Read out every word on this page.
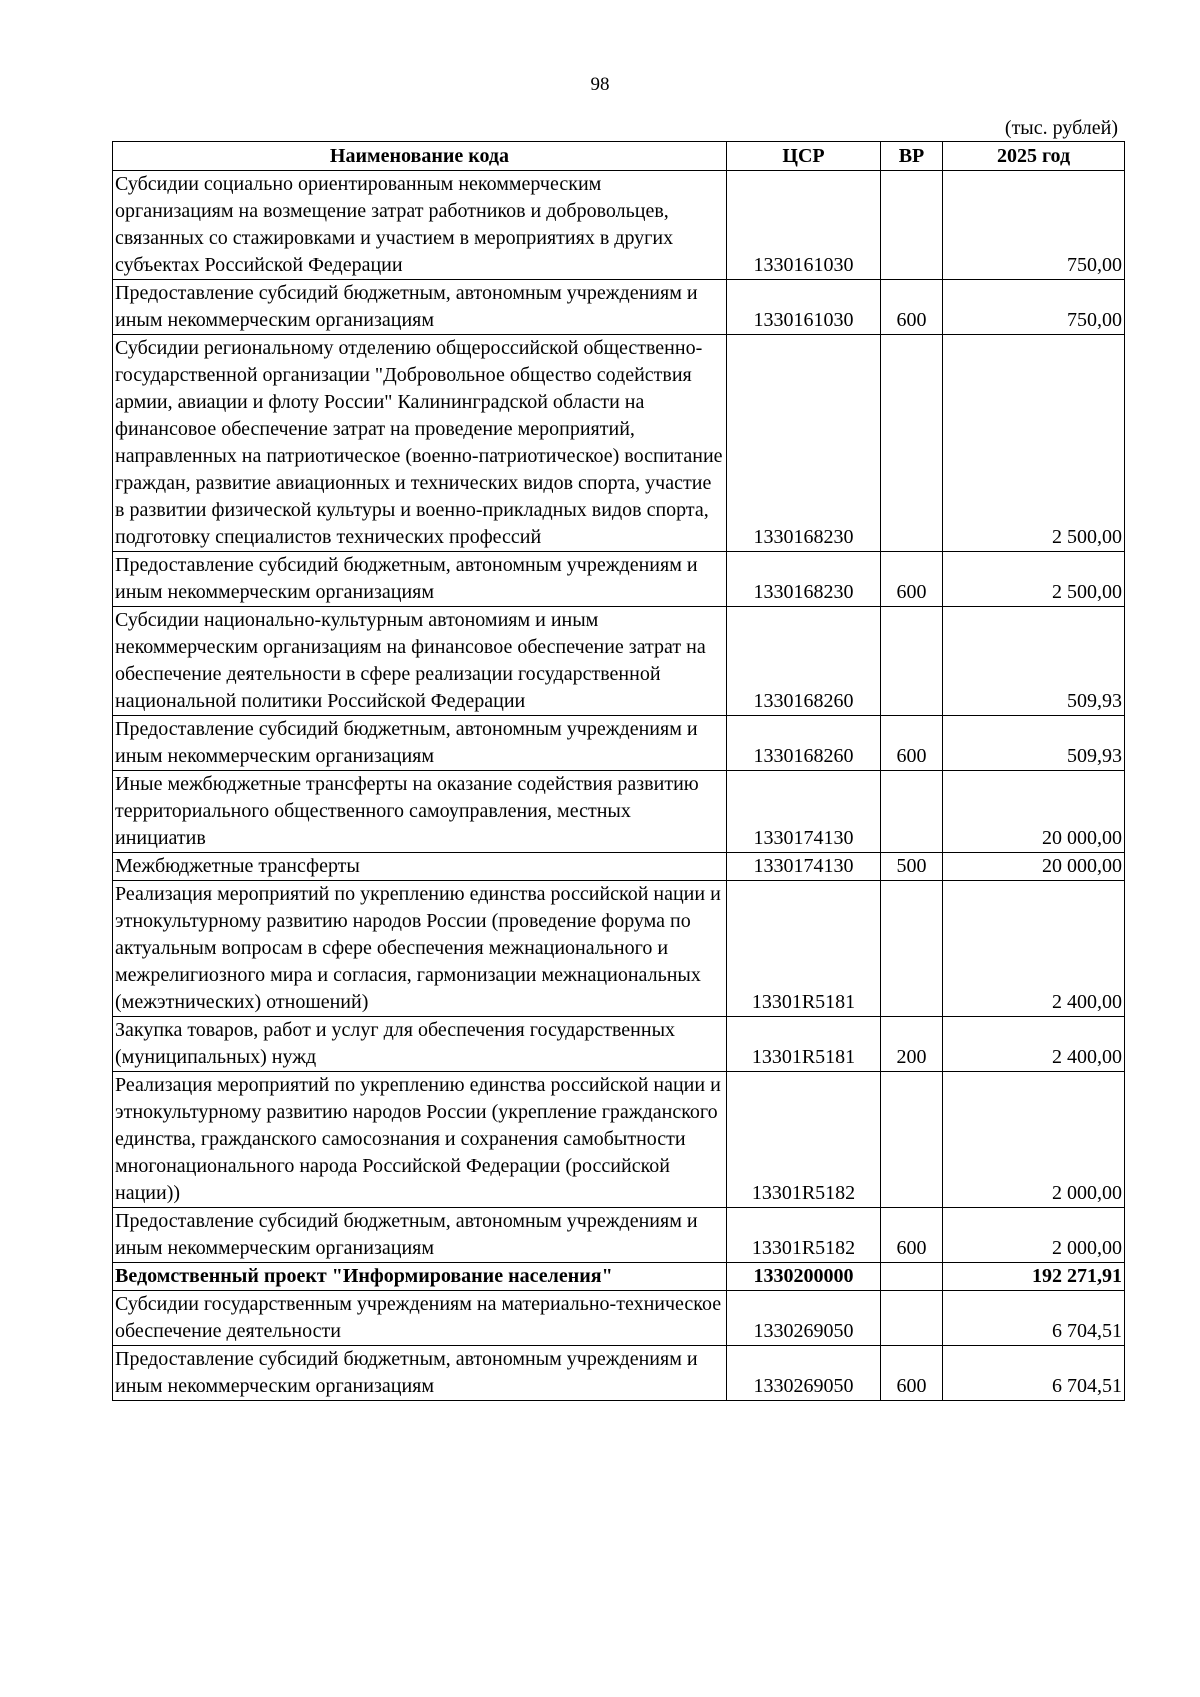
98
(тыс. рублей)
Наименование кода	ЦСР	ВР	2025 год
Субсидии социально ориентированным некоммерческим организациям на возмещение затрат работников и добровольцев, связанных со стажировками и участием в мероприятиях в других субъектах Российской Федерации	1330161030		750,00
Предоставление субсидий бюджетным, автономным учреждениям и иным некоммерческим организациям	1330161030	600	750,00
Субсидии региональному отделению общероссийской общественно-государственной организации "Добровольное общество содействия армии, авиации и флоту России" Калининградской области на финансовое обеспечение затрат на проведение мероприятий, направленных на патриотическое (военно-патриотическое) воспитание граждан, развитие авиационных и технических видов спорта, участие в развитии физической культуры и военно-прикладных видов спорта, подготовку специалистов технических профессий	1330168230		2 500,00
Предоставление субсидий бюджетным, автономным учреждениям и иным некоммерческим организациям	1330168230	600	2 500,00
Субсидии национально-культурным автономиям и иным некоммерческим организациям на финансовое обеспечение затрат на обеспечение деятельности в сфере реализации государственной национальной политики Российской Федерации	1330168260		509,93
Предоставление субсидий бюджетным, автономным учреждениям и иным некоммерческим организациям	1330168260	600	509,93
Иные межбюджетные трансферты на оказание содействия развитию территориального общественного самоуправления, местных инициатив	1330174130		20 000,00
Межбюджетные трансферты	1330174130	500	20 000,00
Реализация мероприятий по укреплению единства российской нации и этнокультурному развитию народов России (проведение форума по актуальным вопросам в сфере обеспечения межнационального и межрелигиозного мира и согласия, гармонизации межнациональных (межэтнических) отношений)	13301R5181		2 400,00
Закупка товаров, работ и услуг для обеспечения государственных (муниципальных) нужд	13301R5181	200	2 400,00
Реализация мероприятий по укреплению единства российской нации и этнокультурному развитию народов России (укрепление гражданского единства, гражданского самосознания и сохранения самобытности многонационального народа Российской Федерации (российской нации))	13301R5182		2 000,00
Предоставление субсидий бюджетным, автономным учреждениям и иным некоммерческим организациям	13301R5182	600	2 000,00
Ведомственный проект "Информирование населения"	1330200000		192 271,91
Субсидии государственным учреждениям на материально-техническое обеспечение деятельности	1330269050		6 704,51
Предоставление субсидий бюджетным, автономным учреждениям и иным некоммерческим организациям	1330269050	600	6 704,51
